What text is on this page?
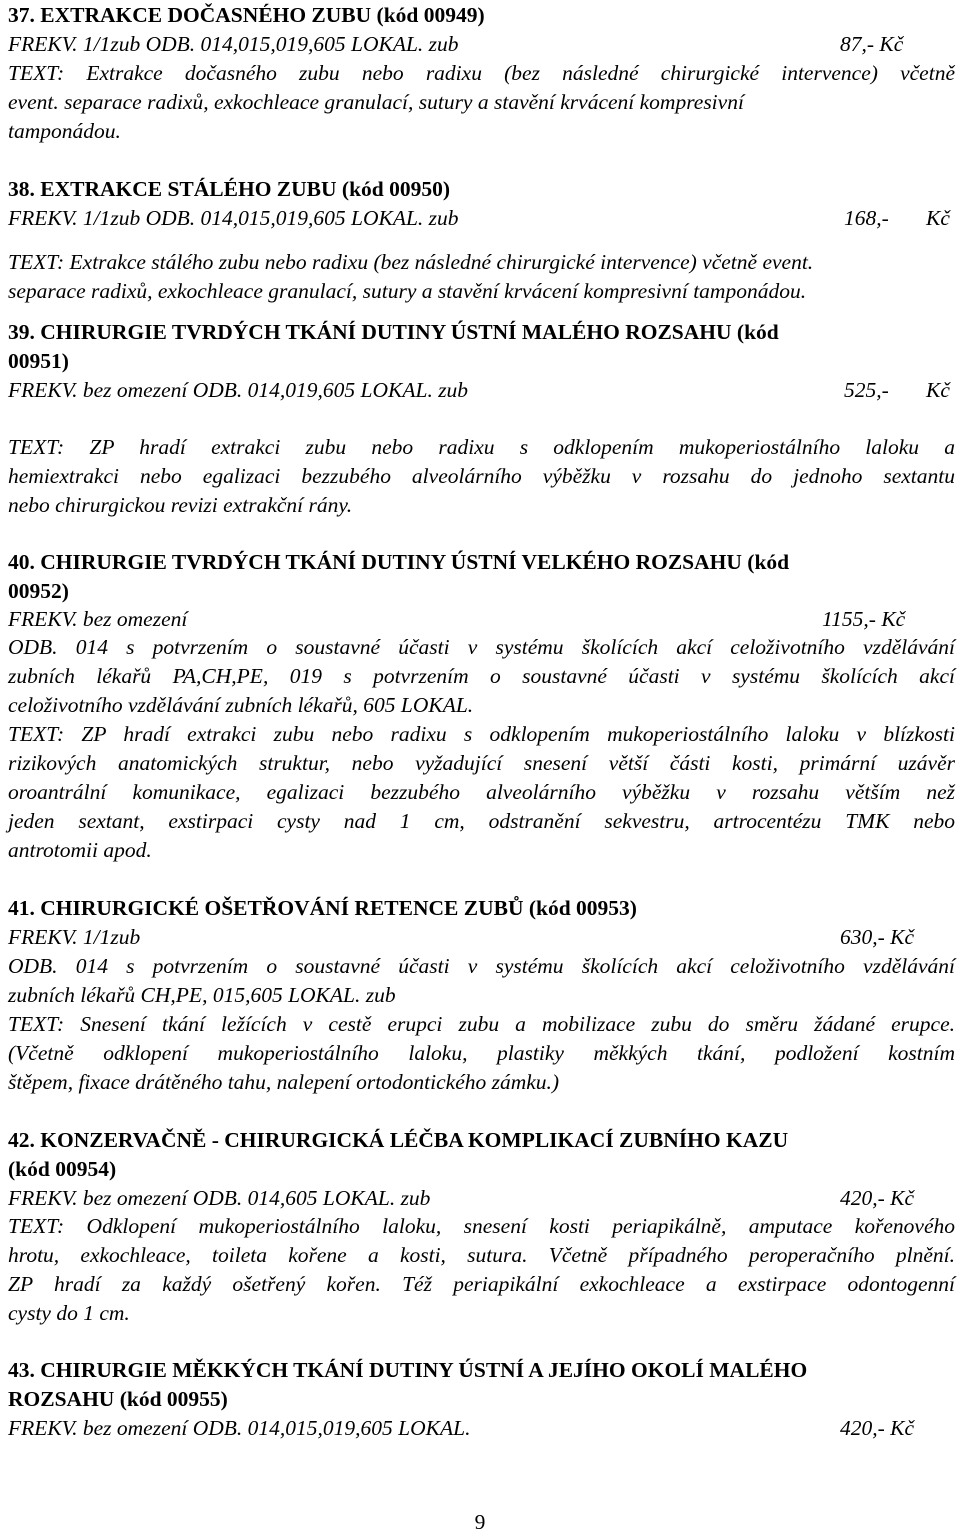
37. EXTRAKCE DOČASNÉHO ZUBU (kód 00949)
FREKV. 1/1zub ODB. 014,015,019,605 LOKAL. zub	87,- Kč
TEXT: Extrakce dočasného zubu nebo radixu (bez následné chirurgické intervence) včetně
event. separace radixů, exkochleace granulací, sutury a stavění krvácení kompresivní
tamponádou.
38. EXTRAKCE STÁLÉHO ZUBU (kód 00950)
FREKV. 1/1zub ODB. 014,015,019,605 LOKAL. zub	168,- Kč
TEXT: Extrakce stálého zubu nebo radixu (bez následné chirurgické intervence) včetně event.
separace radixů, exkochleace granulací, sutury a stavění krvácení kompresivní tamponádou.
39. CHIRURGIE TVRDÝCH TKÁNÍ DUTINY ÚSTNÍ MALÉHO ROZSAHU (kód
00951)
FREKV. bez omezení ODB. 014,019,605 LOKAL. zub	525,- Kč
TEXT: ZP hradí extrakci zubu nebo radixu s odklopením mukoperiostálního laloku a
hemiextrakci nebo egalizaci bezzubého alveolárního výběžku v rozsahu do jednoho sextantu
nebo chirurgickou revizi extrakční rány.
40. CHIRURGIE TVRDÝCH TKÁNÍ DUTINY ÚSTNÍ VELKÉHO ROZSAHU (kód
00952)
FREKV. bez omezení	1155,- Kč
ODB. 014 s potvrzením o soustavné účasti v systému školících akcí celoživotního vzdělávání
zubních lékařů PA,CH,PE, 019 s potvrzením o soustavné účasti v systému školících akcí
celoživotního vzdělávání zubních lékařů, 605 LOKAL.
TEXT: ZP hradí extrakci zubu nebo radixu s odklopením mukoperiostálního laloku v blízkosti
rizikových anatomických struktur, nebo vyžadující snesení větší části kosti, primární uzávěr
oroantrální komunikace, egalizaci bezzubého alveolárního výběžku v rozsahu větším než
jeden sextant, exstirpaci cysty nad 1 cm, odstranění sekvestru, artrocentézu TMK nebo
antrotomii apod.
41. CHIRURGICKÉ OŠETŘOVÁNÍ RETENCE ZUBŮ (kód 00953)
FREKV. 1/1zub	630,- Kč
ODB. 014 s potvrzením o soustavné účasti v systému školících akcí celoživotního vzdělávání
zubních lékařů CH,PE, 015,605 LOKAL. zub
TEXT: Snesení tkání ležících v cestě erupci zubu a mobilizace zubu do směru žádané erupce.
(Včetně odklopení mukoperiostálního laloku, plastiky měkkých tkání, podložení kostním
štěpem, fixace drátěného tahu, nalepení ortodontického zámku.)
42. KONZERVAČNĚ - CHIRURGICKÁ LÉČBA KOMPLIKACÍ ZUBNÍHO KAZU
(kód 00954)
FREKV. bez omezení ODB. 014,605 LOKAL. zub	420,- Kč
TEXT: Odklopení mukoperiostálního laloku, snesení kosti periapikálně, amputace kořenového
hrotu, exkochleace, toileta kořene a kosti, sutura. Včetně případného peroperačního plnění.
ZP hradí za každý ošetřený kořen. Též periapikální exkochleace a exstirpace odontogenní
cysty do 1 cm.
43. CHIRURGIE MĚKKÝCH TKÁNÍ DUTINY ÚSTNÍ A JEJÍHO OKOLÍ MALÉHO
ROZSAHU (kód 00955)
FREKV. bez omezení ODB. 014,015,019,605 LOKAL.	420,- Kč
9
